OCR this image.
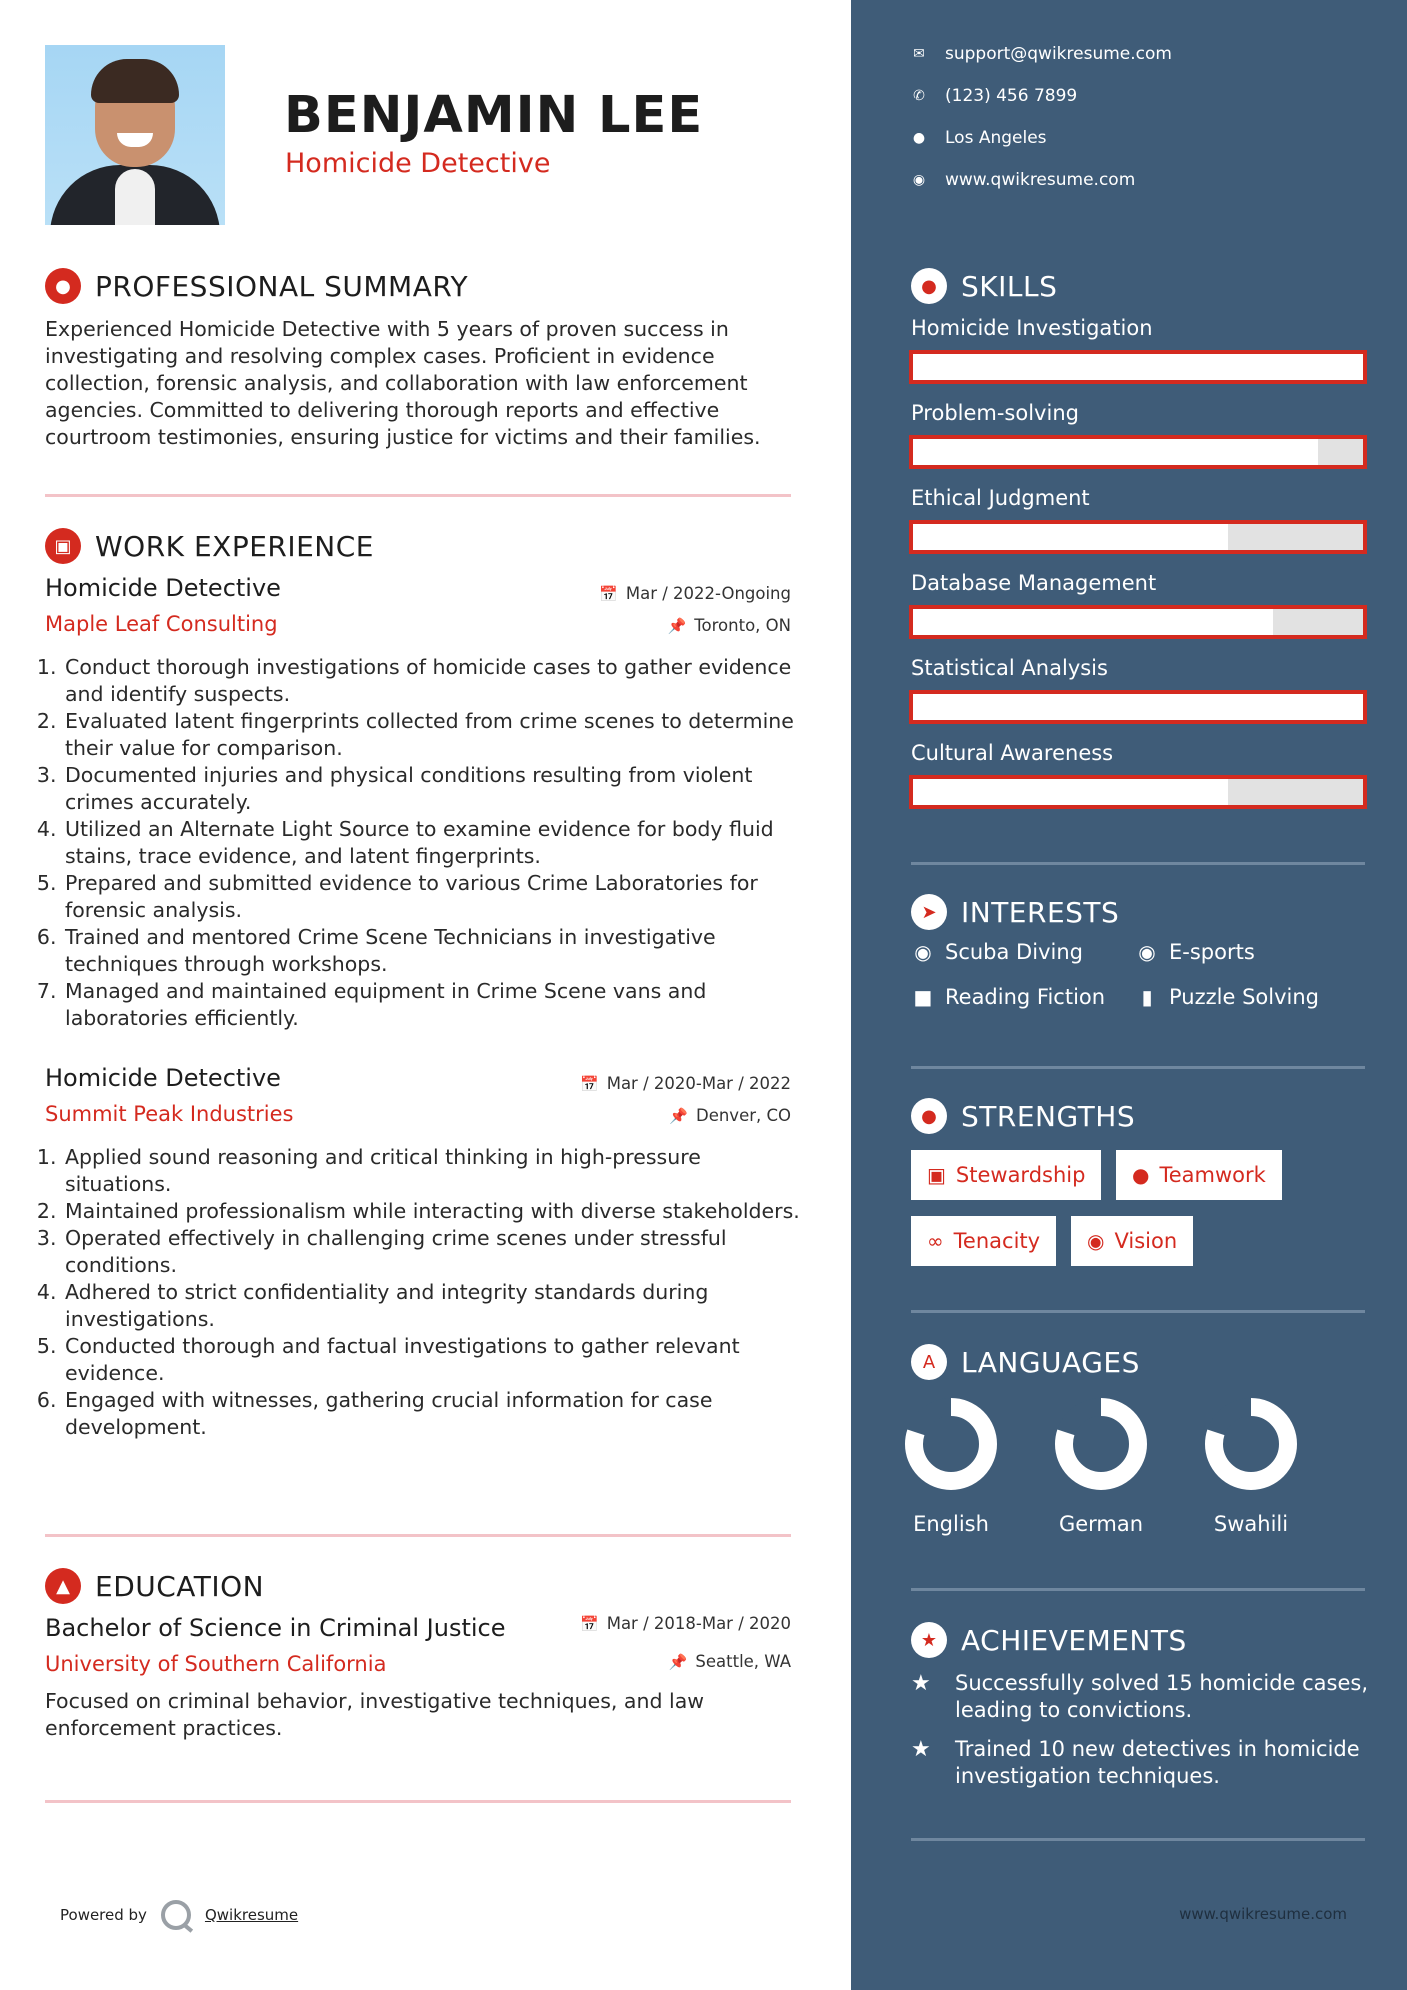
BENJAMIN LEE
Homicide Detective
● PROFESSIONAL SUMMARY
Experienced Homicide Detective with 5 years of proven success in investigating and resolving complex cases. Proficient in evidence collection, forensic analysis, and collaboration with law enforcement agencies. Committed to delivering thorough reports and effective courtroom testimonies, ensuring justice for victims and their families.
▣ WORK EXPERIENCE
Homicide Detective	📅 Mar / 2022-Ongoing
Maple Leaf Consulting	📌 Toronto, ON
1. Conduct thorough investigations of homicide cases to gather evidence and identify suspects.
2. Evaluated latent fingerprints collected from crime scenes to determine their value for comparison.
3. Documented injuries and physical conditions resulting from violent crimes accurately.
4. Utilized an Alternate Light Source to examine evidence for body fluid stains, trace evidence, and latent fingerprints.
5. Prepared and submitted evidence to various Crime Laboratories for forensic analysis.
6. Trained and mentored Crime Scene Technicians in investigative techniques through workshops.
7. Managed and maintained equipment in Crime Scene vans and laboratories efficiently.
Homicide Detective	📅 Mar / 2020-Mar / 2022
Summit Peak Industries	📌 Denver, CO
1. Applied sound reasoning and critical thinking in high-pressure situations.
2. Maintained professionalism while interacting with diverse stakeholders.
3. Operated effectively in challenging crime scenes under stressful conditions.
4. Adhered to strict confidentiality and integrity standards during investigations.
5. Conducted thorough and factual investigations to gather relevant evidence.
6. Engaged with witnesses, gathering crucial information for case development.
▲ EDUCATION
Bachelor of Science in Criminal Justice	📅 Mar / 2018-Mar / 2020
University of Southern California	📌 Seattle, WA
Focused on criminal behavior, investigative techniques, and law enforcement practices.
Powered by	Qwikresume
✉ support@qwikresume.com
✆ (123) 456 7899
● Los Angeles
◉ www.qwikresume.com
● SKILLS
Homicide Investigation
Problem-solving
Ethical Judgment
Database Management
Statistical Analysis
Cultural Awareness
➤ INTERESTS
◉ Scuba Diving	◉ E-sports
■ Reading Fiction	▮ Puzzle Solving
● STRENGTHS
▣ Stewardship ● Teamwork
∞ Tenacity ◉ Vision
A LANGUAGES
English	German	Swahili
★ ACHIEVEMENTS
★	Successfully solved 15 homicide cases, leading to convictions.
★	Trained 10 new detectives in homicide investigation techniques.
www.qwikresume.com
